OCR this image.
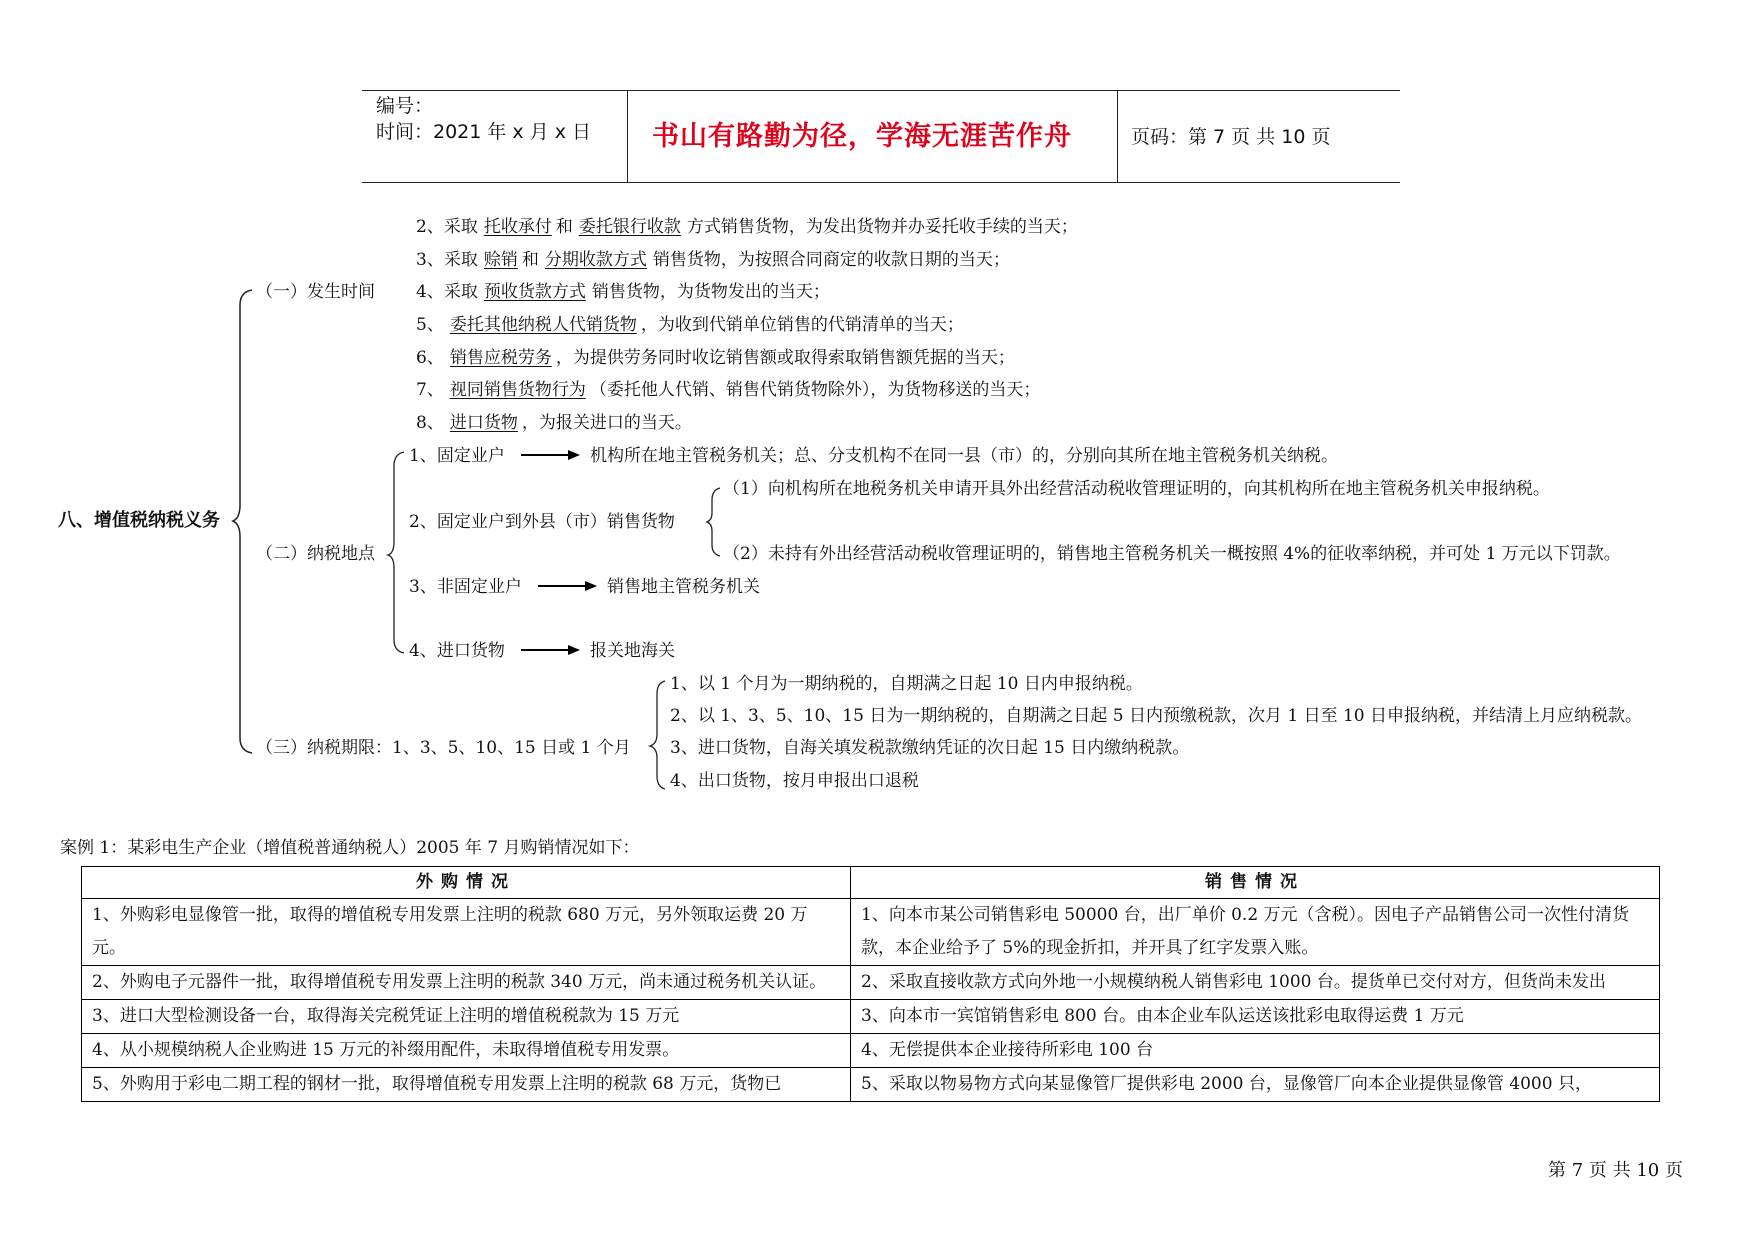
编号：
时间：2021 年 x 月 x 日 书山有路勤为径，学海无涯苦作舟	页码：第 7 页 共 10 页
八、增值税纳税义务
（一）发生时间
2、采取 托收承付 和 委托银行收款 方式销售货物，为发出货物并办妥托收手续的当天；
3、采取 赊销 和 分期收款方式 销售货物，为按照合同商定的收款日期的当天；
4、采取 预收货款方式 销售货物，为货物发出的当天；
5、 委托其他纳税人代销货物 ，为收到代销单位销售的代销清单的当天；
6、 销售应税劳务 ，为提供劳务同时收讫销售额或取得索取销售额凭据的当天；
7、 视同销售货物行为 （委托他人代销、销售代销货物除外），为货物移送的当天；
8、 进口货物 ，为报关进口的当天。
（二）纳税地点
1、固定业户	机构所在地主管税务机关；总、分支机构不在同一县（市）的，分别向其所在地主管税务机关纳税。
2、固定业户到外县（市）销售货物
（1）向机构所在地税务机关申请开具外出经营活动税收管理证明的，向其机构所在地主管税务机关申报纳税。
（2）未持有外出经营活动税收管理证明的，销售地主管税务机关一概按照 4%的征收率纳税，并可处 1 万元以下罚款。
3、非固定业户	销售地主管税务机关
4、进口货物	报关地海关
（三）纳税期限：1、3、5、10、15 日或 1 个月
1、以 1 个月为一期纳税的，自期满之日起 10 日内申报纳税。
2、以 1、3、5、10、15 日为一期纳税的，自期满之日起 5 日内预缴税款，次月 1 日至 10 日申报纳税，并结清上月应纳税款。
3、进口货物，自海关填发税款缴纳凭证的次日起 15 日内缴纳税款。
4、出口货物，按月申报出口退税
案例 1：某彩电生产企业（增值税普通纳税人）2005 年 7 月购销情况如下：
外购情况	销售情况
1、外购彩电显像管一批，取得的增值税专用发票上注明的税款 680 万元，另外领取运费 20 万元。	1、向本市某公司销售彩电 50000 台，出厂单价 0.2 万元（含税）。因电子产品销售公司一次性付清货款，本企业给予了 5%的现金折扣，并开具了红字发票入账。
2、外购电子元器件一批，取得增值税专用发票上注明的税款 340 万元，尚未通过税务机关认证。	2、采取直接收款方式向外地一小规模纳税人销售彩电 1000 台。提货单已交付对方，但货尚未发出
3、进口大型检测设备一台，取得海关完税凭证上注明的增值税税款为 15 万元	3、向本市一宾馆销售彩电 800 台。由本企业车队运送该批彩电取得运费 1 万元
4、从小规模纳税人企业购进 15 万元的补缀用配件，未取得增值税专用发票。	4、无偿提供本企业接待所彩电 100 台
5、外购用于彩电二期工程的钢材一批，取得增值税专用发票上注明的税款 68 万元，货物已	5、采取以物易物方式向某显像管厂提供彩电 2000 台，显像管厂向本企业提供显像管 4000 只，
第 7 页 共 10 页
